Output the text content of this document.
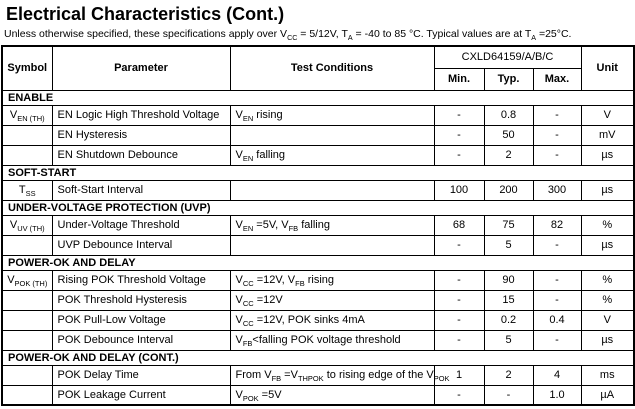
Electrical Characteristics (Cont.)
Unless otherwise specified, these specifications apply over $V_{CC} = 5/12V$, $T_A = -40$ to 85 °C. Typical values are at $T_A =25^\circ C$.
Symbol	Parameter	Test Conditions	CXLD64159/A/B/C			Unit
			Min.	Typ.	Max.	
ENABLE						
$V_{EN (TH)}$	EN Logic High Threshold Voltage	$V_{EN}$ rising	-	0.8	-	V
	EN Hysteresis		-	50	-	mV
	EN Shutdown Debounce	$V_{EN}$ falling	-	2	-	µs
SOFT-START						
$T_{SS}$	Soft-Start Interval		100	200	300	µs
UNDER-VOLTAGE PROTECTION (UVP)						
$V_{UV (TH)}$	Under-Voltage Threshold	$V_{EN} =5V$, $V_{FB}$ falling	68	75	82	%
	UVP Debounce Interval		-	5	-	µs
POWER-OK AND DELAY						
$V_{POK (TH)}$	Rising POK Threshold Voltage	$V_{CC} =12V$, $V_{FB}$ rising	-	90	-	%
	POK Threshold Hysteresis	$V_{CC} =12V$	-	15	-	%
	POK Pull-Low Voltage	$V_{CC} =12V$, POK sinks 4mA	-	0.2	0.4	V
	POK Debounce Interval	$V_{FB}<falling$ POK voltage threshold	-	5	-	µs
POWER-OK AND DELAY (CONT.)						
	POK Delay Time	From $V_{FB} =V_{THPOK}$ to rising edge of the $V_{POK}$	1	2	4	ms
	POK Leakage Current	$V_{POK} =5V$	-	-	1.0	µA
